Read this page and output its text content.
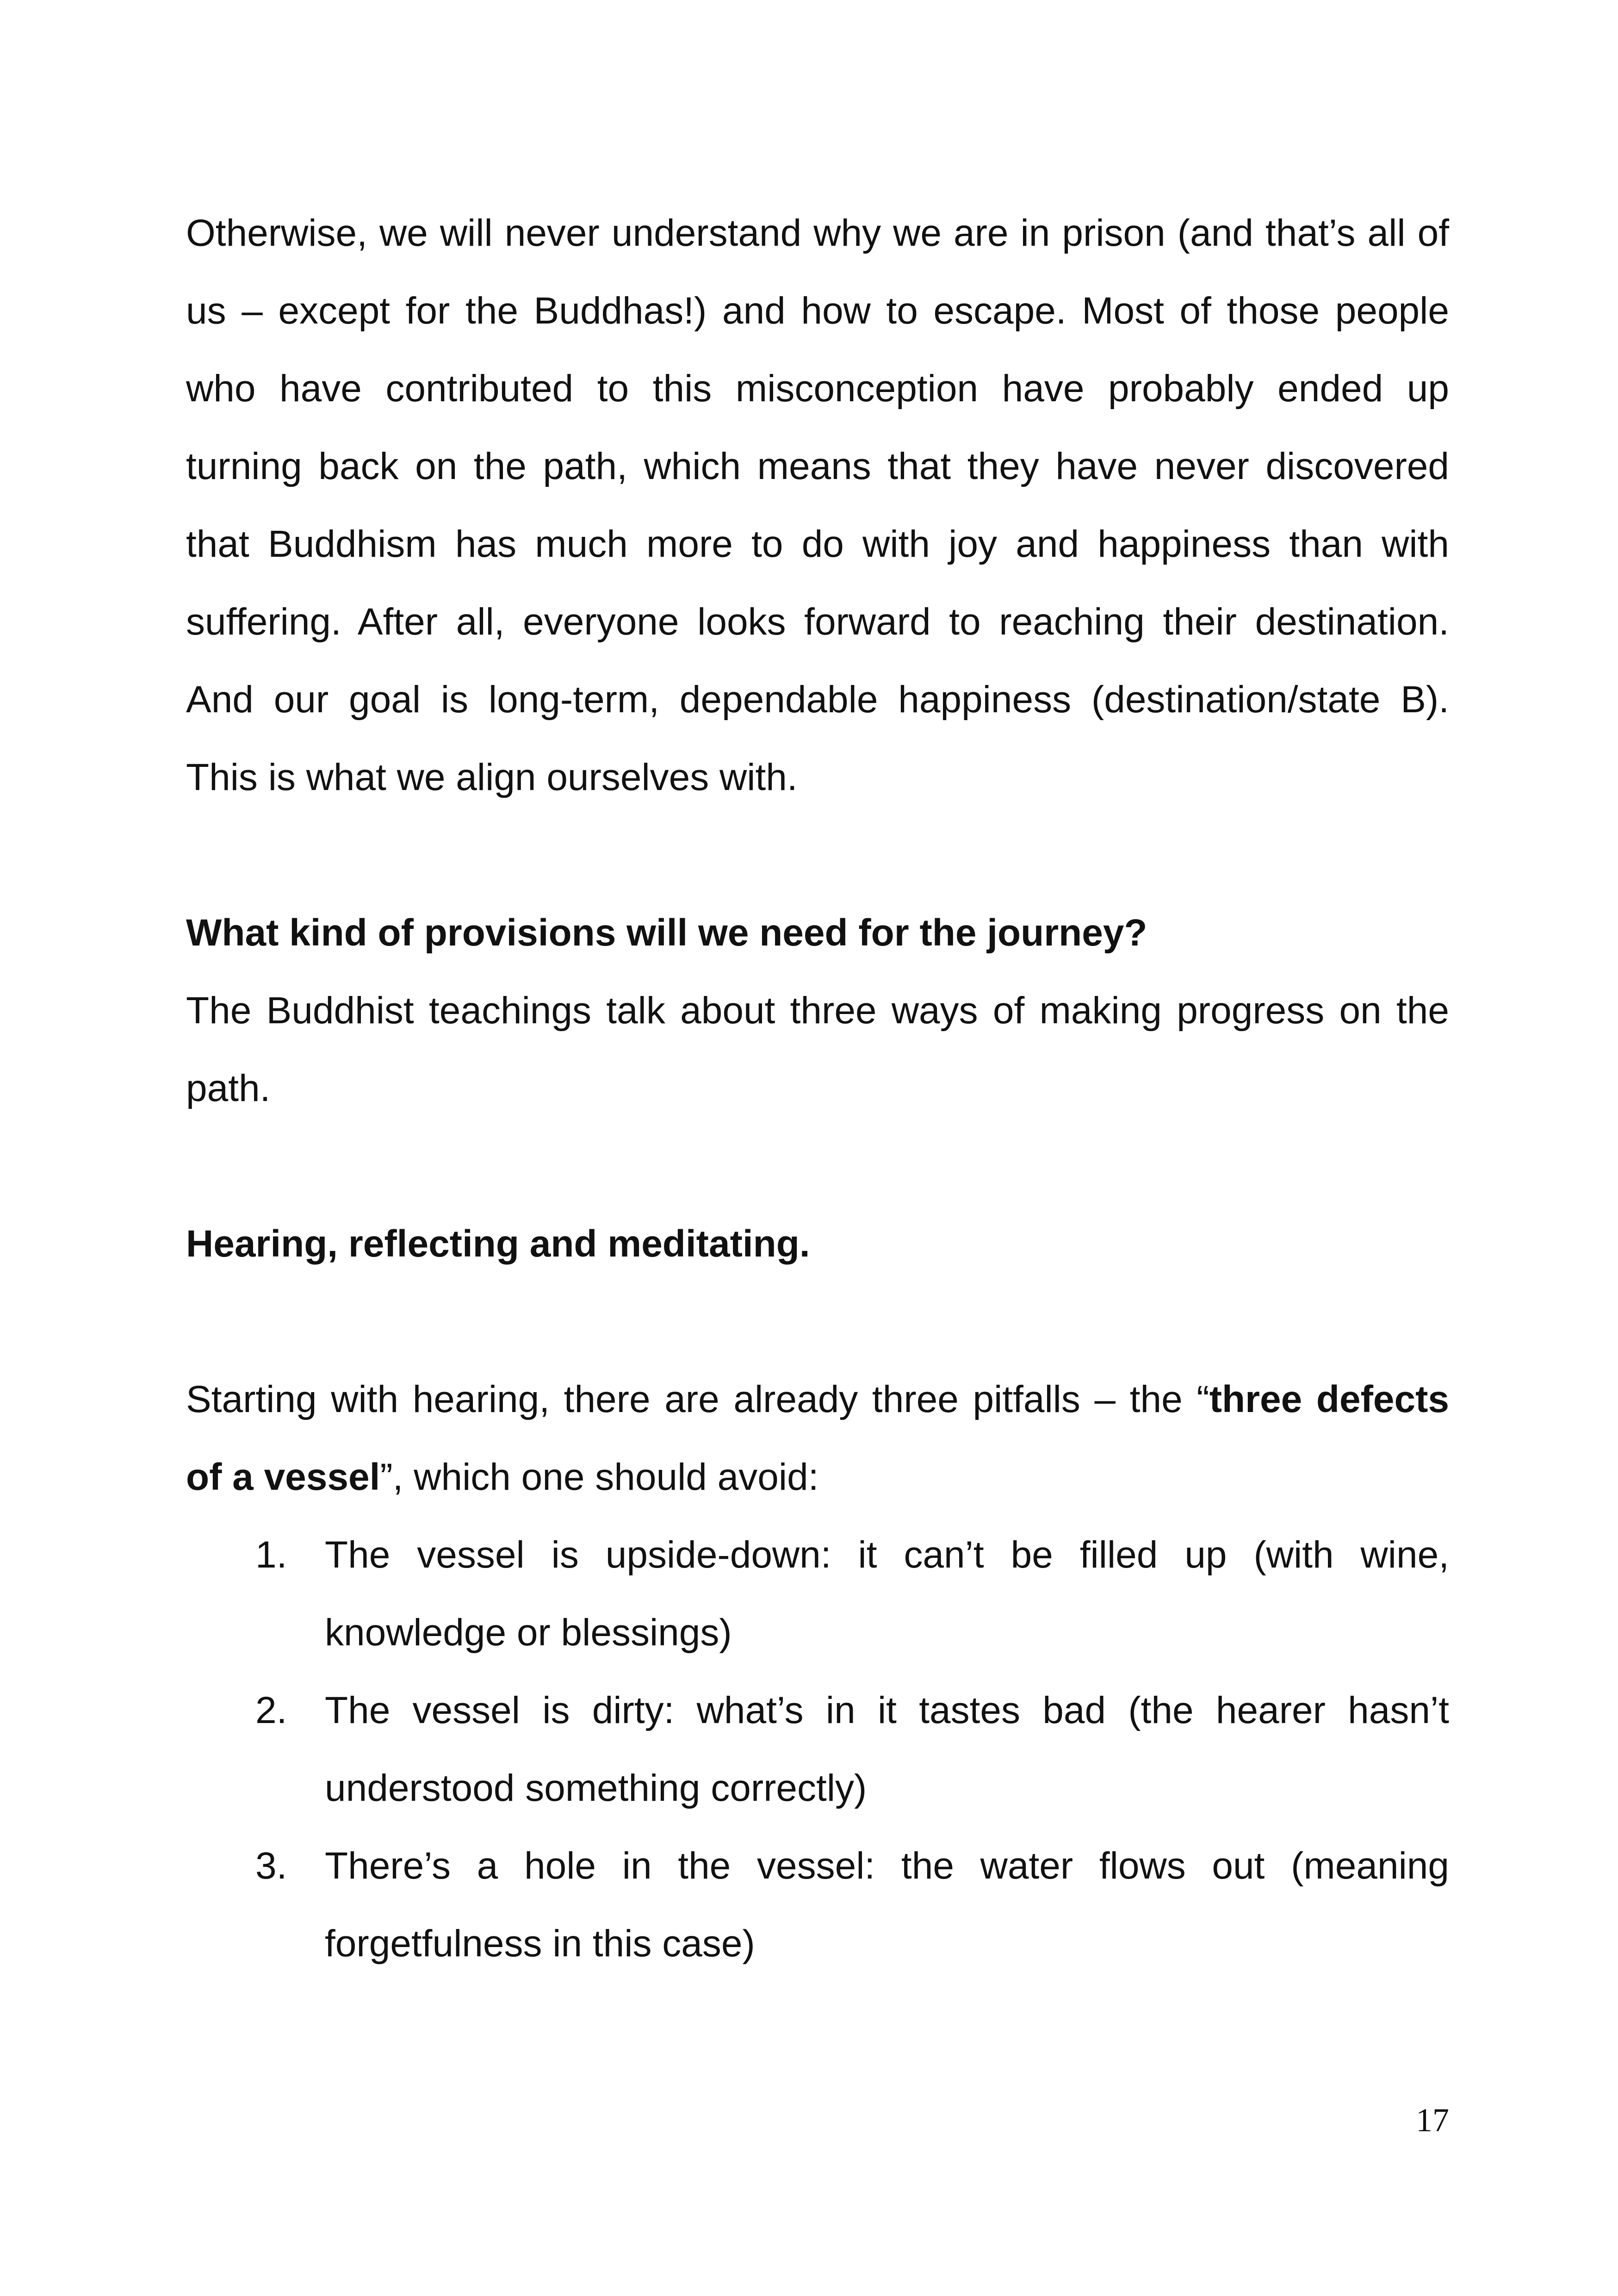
Otherwise, we will never understand why we are in prison (and that’s all of us – except for the Buddhas!) and how to escape. Most of those people who have contributed to this misconception have probably ended up turning back on the path, which means that they have never discovered that Buddhism has much more to do with joy and happiness than with suffering. After all, everyone looks forward to reaching their destination. And our goal is long-term, dependable happiness (destination/state B). This is what we align ourselves with.

What kind of provisions will we need for the journey?

The Buddhist teachings talk about three ways of making progress on the path.

Hearing, reflecting and meditating.

Starting with hearing, there are already three pitfalls – the “three defects of a vessel”, which one should avoid:

1. The vessel is upside-down: it can’t be filled up (with wine, knowledge or blessings)
2. The vessel is dirty: what’s in it tastes bad (the hearer hasn’t understood something correctly)
3. There’s a hole in the vessel: the water flows out (meaning forgetfulness in this case)
17
